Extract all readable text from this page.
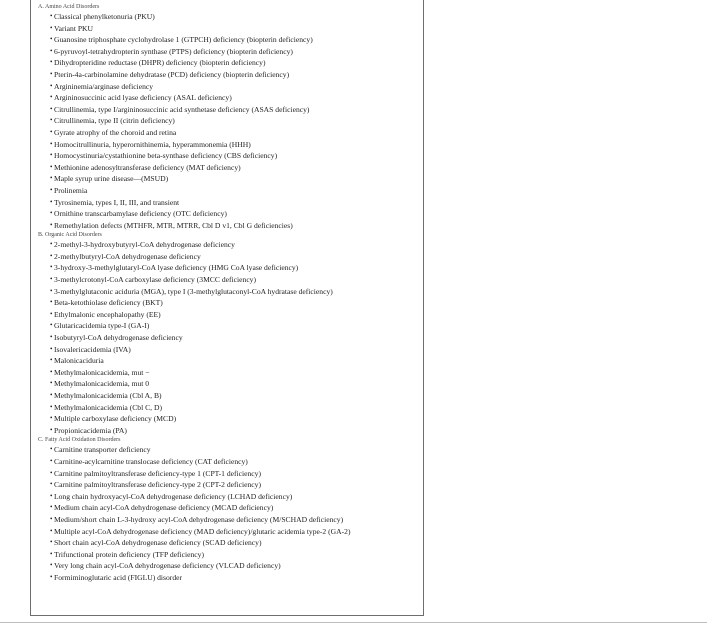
A. Amino Acid Disorders
• Classical phenylketonuria (PKU)
• Variant PKU
• Guanosine triphosphate cyclohydrolase 1 (GTPCH) deficiency (biopterin deficiency)
• 6-pyruvoyl-tetrahydropterin synthase (PTPS) deficiency (biopterin deficiency)
• Dihydropteridine reductase (DHPR) deficiency (biopterin deficiency)
• Pterin-4a-carbinolamine dehydratase (PCD) deficiency (biopterin deficiency)
• Argininemia/arginase deficiency
• Argininosuccinic acid lyase deficiency (ASAL deficiency)
• Citrullinemia, type I/argininosuccinic acid synthetase deficiency (ASAS deficiency)
• Citrullinemia, type II (citrin deficiency)
• Gyrate atrophy of the choroid and retina
• Homocitrullinuria, hyperornithinemia, hyperammonemia (HHH)
• Homocystinuria/cystathionine beta-synthase deficiency (CBS deficiency)
• Methionine adenosyltransferase deficiency (MAT deficiency)
• Maple syrup urine disease—(MSUD)
• Prolinemia
• Tyrosinemia, types I, II, III, and transient
• Ornithine transcarbamylase deficiency (OTC deficiency)
• Remethylation defects (MTHFR, MTR, MTRR, Cbl D v1, Cbl G deficiencies)
B. Organic Acid Disorders
• 2-methyl-3-hydroxybutyryl-CoA dehydrogenase deficiency
• 2-methylbutyryl-CoA dehydrogenase deficiency
• 3-hydroxy-3-methylglutaryl-CoA lyase deficiency (HMG CoA lyase deficiency)
• 3-methylcrotonyl-CoA carboxylase deficiency (3MCC deficiency)
• 3-methylglutaconic aciduria (MGA), type I (3-methylglutaconyl-CoA hydratase deficiency)
• Beta-ketothiolase deficiency (BKT)
• Ethylmalonic encephalopathy (EE)
• Glutaricacidemia type-I (GA-I)
• Isobutyryl-CoA dehydrogenase deficiency
• Isovalericacidemia (IVA)
• Malonicaciduria
• Methylmalonicacidemia, mut −
• Methylmalonicacidemia, mut 0
• Methylmalonicacidemia (Cbl A, B)
• Methylmalonicacidemia (Cbl C, D)
• Multiple carboxylase deficiency (MCD)
• Propionicacidemia (PA)
C. Fatty Acid Oxidation Disorders
• Carnitine transporter deficiency
• Carnitine-acylcarnitine translocase deficiency (CAT deficiency)
• Carnitine palmitoyltransferase deficiency-type 1 (CPT-1 deficiency)
• Carnitine palmitoyltransferase deficiency-type 2 (CPT-2 deficiency)
• Long chain hydroxyacyl-CoA dehydrogenase deficiency (LCHAD deficiency)
• Medium chain acyl-CoA dehydrogenase deficiency (MCAD deficiency)
• Medium/short chain L-3-hydroxy acyl-CoA dehydrogenase deficiency (M/SCHAD deficiency)
• Multiple acyl-CoA dehydrogenase deficiency (MAD deficiency)/glutaric acidemia type-2 (GA-2)
• Short chain acyl-CoA dehydrogenase deficiency (SCAD deficiency)
• Trifunctional protein deficiency (TFP deficiency)
• Very long chain acyl-CoA dehydrogenase deficiency (VLCAD deficiency)
• Formiminoglutaric acid (FIGLU) disorder
